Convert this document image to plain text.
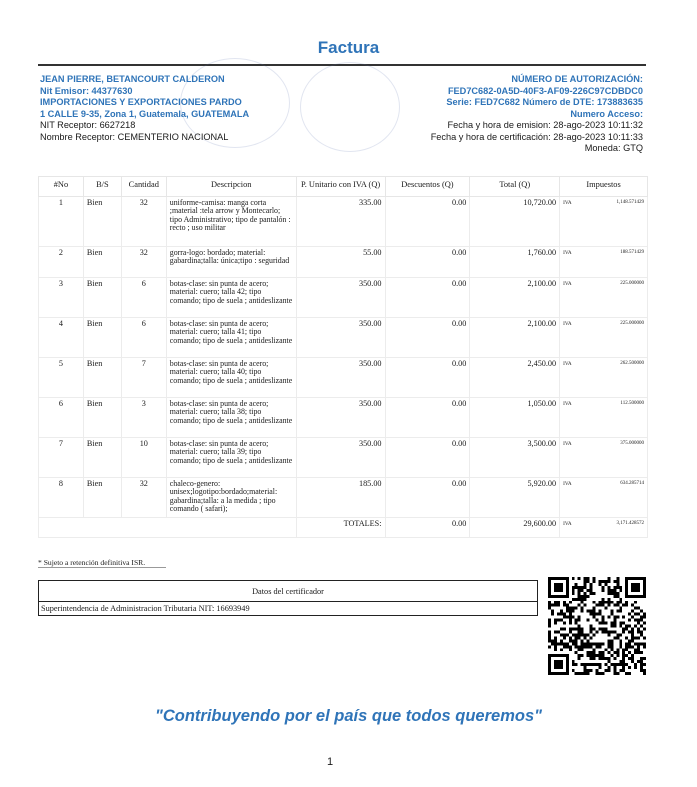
Factura
JEAN PIERRE, BETANCOURT CALDERON
Nit Emisor: 44377630
IMPORTACIONES Y EXPORTACIONES PARDO
1 CALLE 9-35, Zona 1, Guatemala, GUATEMALA
NIT Receptor: 6627218
Nombre Receptor: CEMENTERIO NACIONAL
NÚMERO DE AUTORIZACIÓN:
FED7C682-0A5D-40F3-AF09-226C97CDBDC0
Serie: FED7C682 Número de DTE: 173883635
Numero Acceso:
Fecha y hora de emision: 28-ago-2023 10:11:32
Fecha y hora de certificación: 28-ago-2023 10:11:33
Moneda: GTQ
#No	B/S	Cantidad	Descripcion	P. Unitario con IVA (Q)	Descuentos (Q)	Total (Q)	Impuestos
1	Bien	32	uniforme-camisa: manga corta ;material :tela arrow y Montecarlo; tipo Administrativo; tipo de pantalón : recto ; uso militar	335.00	0.00	10,720.00	IVA 1,148.571429

2	Bien	32	gorra-logo: bordado; material: gabardina;talla: única;tipo : seguridad	55.00	0.00	1,760.00	IVA 188.571429

3	Bien	6	botas-clase: sin punta de acero; material: cuero; talla 42; tipo comando; tipo de suela ; antideslizante	350.00	0.00	2,100.00	IVA 225.000000

4	Bien	6	botas-clase: sin punta de acero; material: cuero; talla 41; tipo comando; tipo de suela ; antideslizante	350.00	0.00	2,100.00	IVA 225.000000

5	Bien	7	botas-clase: sin punta de acero; material: cuero; talla 40; tipo comando; tipo de suela ; antideslizante	350.00	0.00	2,450.00	IVA 262.500000

6	Bien	3	botas-clase: sin punta de acero; material: cuero; talla 38; tipo comando; tipo de suela ; antideslizante	350.00	0.00	1,050.00	IVA 112.500000

7	Bien	10	botas-clase: sin punta de acero; material: cuero; talla 39; tipo comando; tipo de suela ; antideslizante	350.00	0.00	3,500.00	IVA 375.000000

8	Bien	32	chaleco-genero: unisex;logotipo:bordado;material: gabardina;talla: a la medida ; tipo comando ( safari);	185.00	0.00	5,920.00	IVA 634.285714

				TOTALES:	0.00	29,600.00	IVA 3,171.428572
* Sujeto a retención definitiva ISR.
Datos del certificador
Superintendencia de Administracion Tributaria NIT: 16693949
"Contribuyendo por el país que todos queremos"
1
